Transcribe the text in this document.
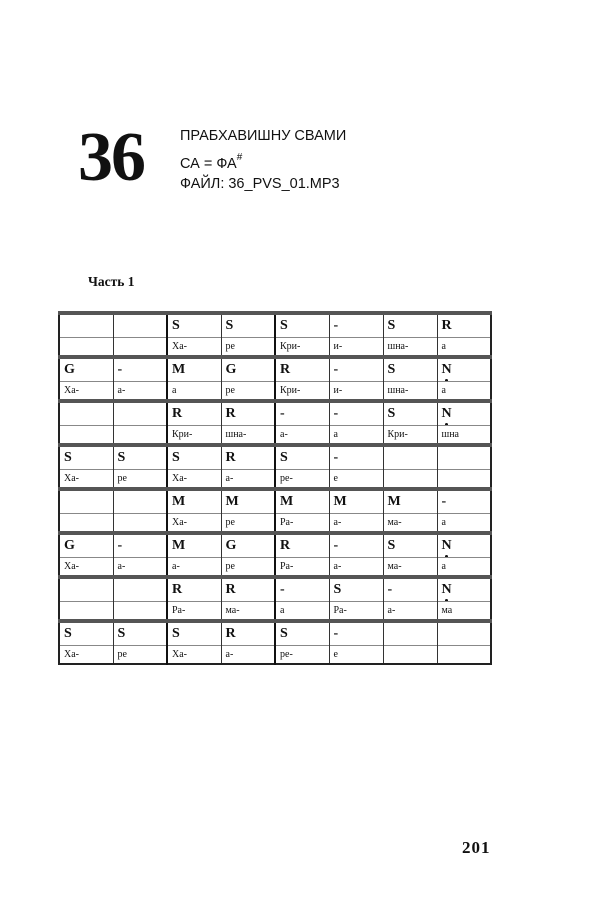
36 ПРАБХАВИШНУ СВАМИ
СА = ФА#
ФАЙЛ: 36_PVS_01.MP3
Часть 1
		S	S	S	-	S	R
		Ха-	ре	Кри-	и-	шна-	а
G	-	M	G	R	-	S	N
Ха-	а-	а	ре	Кри-	и-	шна-	а
		R	R	-	-	S	N
		Кри-	шна-	а-	а	Кри-	шна
S	S	S	R	S	-		
Ха-	ре	Ха-	а-	ре-	е		
		M	M	M	M	M	-
		Ха-	ре	Ра-	а-	ма-	а
G	-	M	G	R	-	S	N
Ха-	а-	а-	ре	Ра-	а-	ма-	а
		R	R	-	S	-	N
		Ра-	ма-	а	Ра-	а-	ма
S	S	S	R	S	-		
Ха-	ре	Ха-	а-	ре-	е		
201
